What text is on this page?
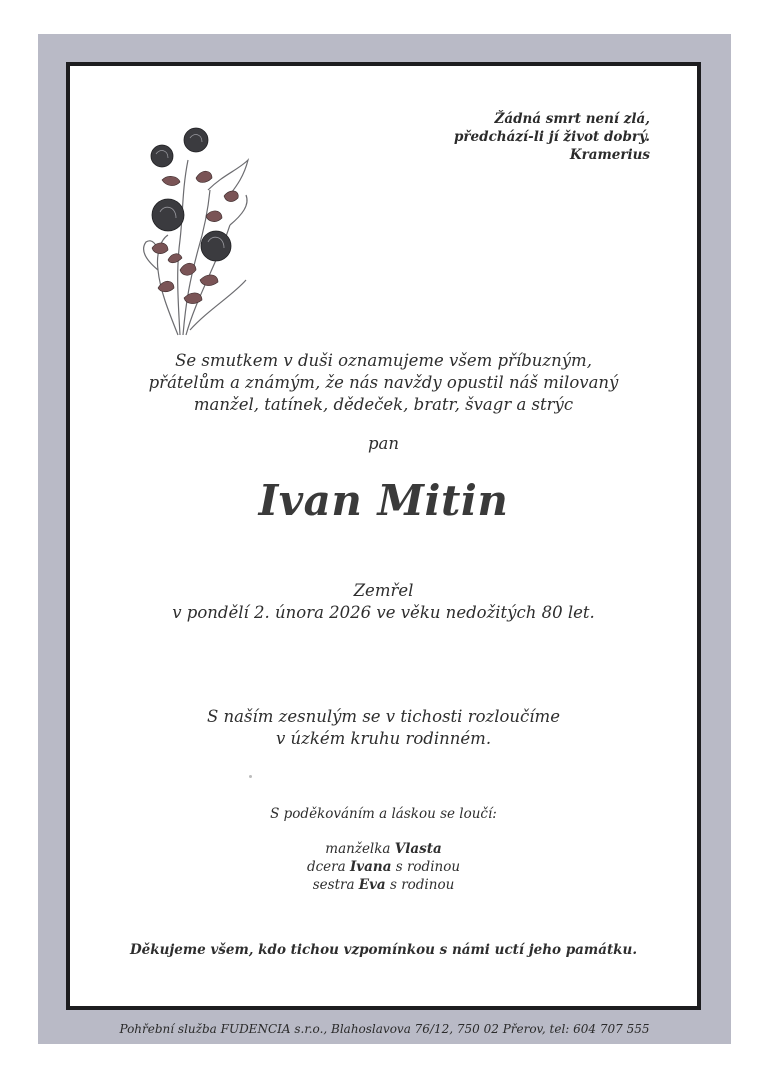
Žádná smrt není zlá,
předchází-li jí život dobrý.
Kramerius
Se smutkem v duši oznamujeme všem příbuzným,
přátelům a známým, že nás navždy opustil náš milovaný
manžel, tatínek, dědeček, bratr, švagr a strýc
pan
Ivan Mitin
Zemřel
v pondělí 2. února 2026 ve věku nedožitých 80 let.
S naším zesnulým se v tichosti rozloučíme
v úzkém kruhu rodinném.
S poděkováním a láskou se loučí:
manželka Vlasta
dcera Ivana s rodinou
sestra Eva s rodinou
Děkujeme všem, kdo tichou vzpomínkou s námi uctí jeho památku.
Pohřební služba FUDENCIA s.r.o., Blahoslavova 76/12, 750 02 Přerov, tel: 604 707 555
